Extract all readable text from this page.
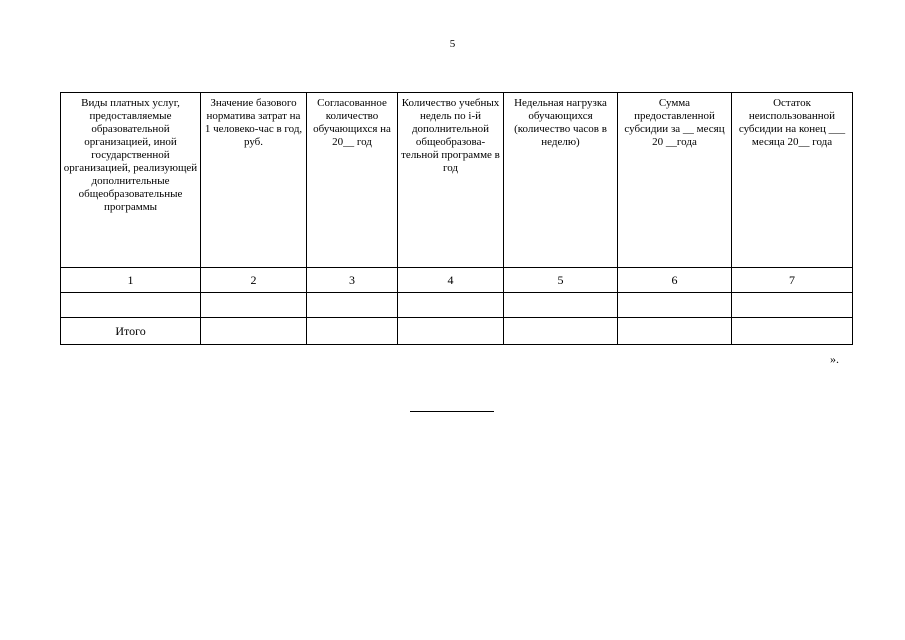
5
Виды платных услуг, предоставляемые образовательной организацией, иной государственной организацией, реализующей дополнительные общеобразовательные программы	Значение базового норматива затрат на 1 человеко-час в год, руб.	Согласованное количество обучающихся на 20__ год	Количество учебных недель по i-й дополнительной общеобразова-тельной программе в год	Недельная нагрузка обучающихся (количество часов в неделю)	Сумма предоставленной субсидии за __ месяц 20 __года	Остаток неиспользованной субсидии на конец ___ месяца 20__ года
1	2	3	4	5	6	7

Итого						
».
